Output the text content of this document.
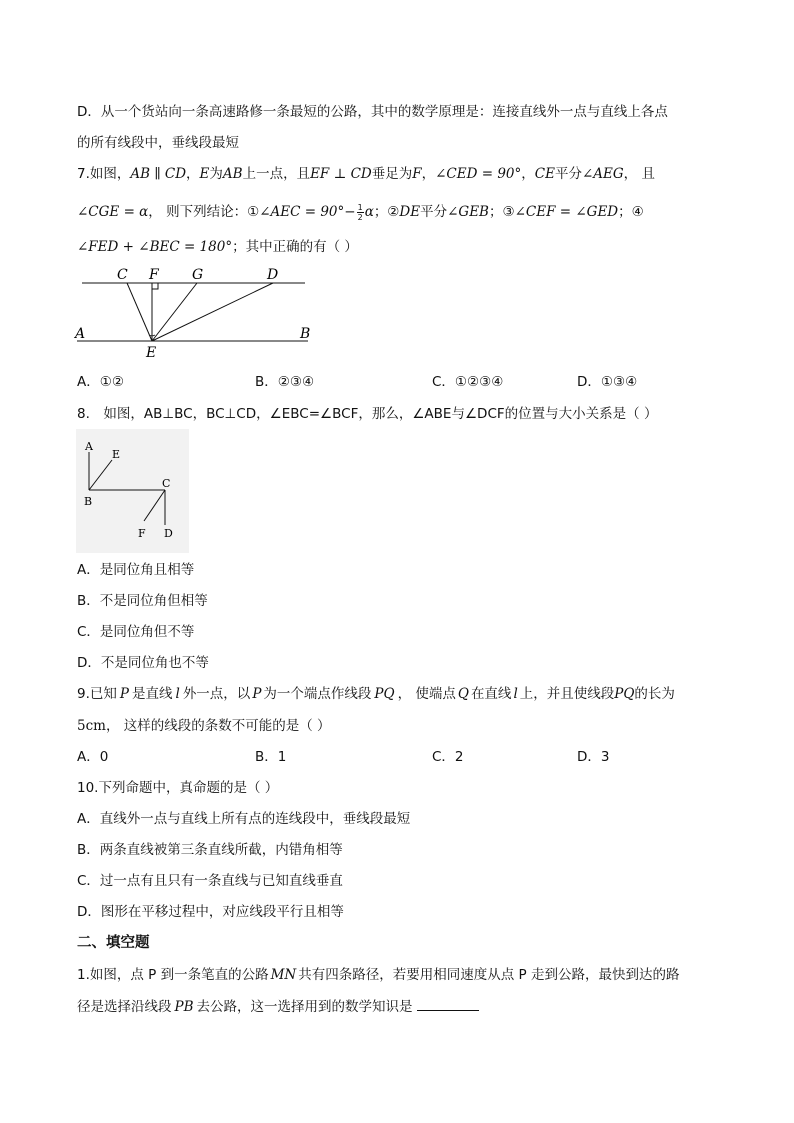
D．从一个货站向一条高速路修一条最短的公路，其中的数学原理是：连接直线外一点与直线上各点
的所有线段中，垂线段最短
7.如图，AB ∥ CD，E为AB上一点，且EF ⊥ CD垂足为F，∠CED = 90°，CE平分∠AEG， 且
∠CGE = α， 则下列结论：①∠AEC = $90^\circ- \frac{1}{2}$ α；②DE平分∠GEB；③∠CEF = ∠GED；④
∠FED + ∠BEC = 180°；其中正确的有（ ）
C F G	D
A	B
E
A．①②	B．②③④	C．①②③④	D．①③④
8.　如图，AB⊥BC，BC⊥CD，∠EBC=∠BCF，那么，∠ABE与∠DCF的位置与大小关系是（ ）
A
E
B
C
F D
A．是同位角且相等
B．不是同位角但相等
C．是同位角但不等
D．不是同位角也不等
9.已知 P 是直线 l 外一点，以 P 为一个端点作线段 PQ ， 使端点 Q 在直线 l 上，并且使线段PQ的长为
5cm， 这样的线段的条数不可能的是（ ）
A．0	B．1	C．2	D．3
10.下列命题中，真命题的是（ ）
A．直线外一点与直线上所有点的连线段中，垂线段最短
B．两条直线被第三条直线所截，内错角相等
C．过一点有且只有一条直线与已知直线垂直
D．图形在平移过程中，对应线段平行且相等
二、填空题
1.如图，点 P 到一条笔直的公路 MN 共有四条路径，若要用相同速度从点 P 走到公路，最快到达的路
径是选择沿线段 PB 去公路，这一选择用到的数学知识是
